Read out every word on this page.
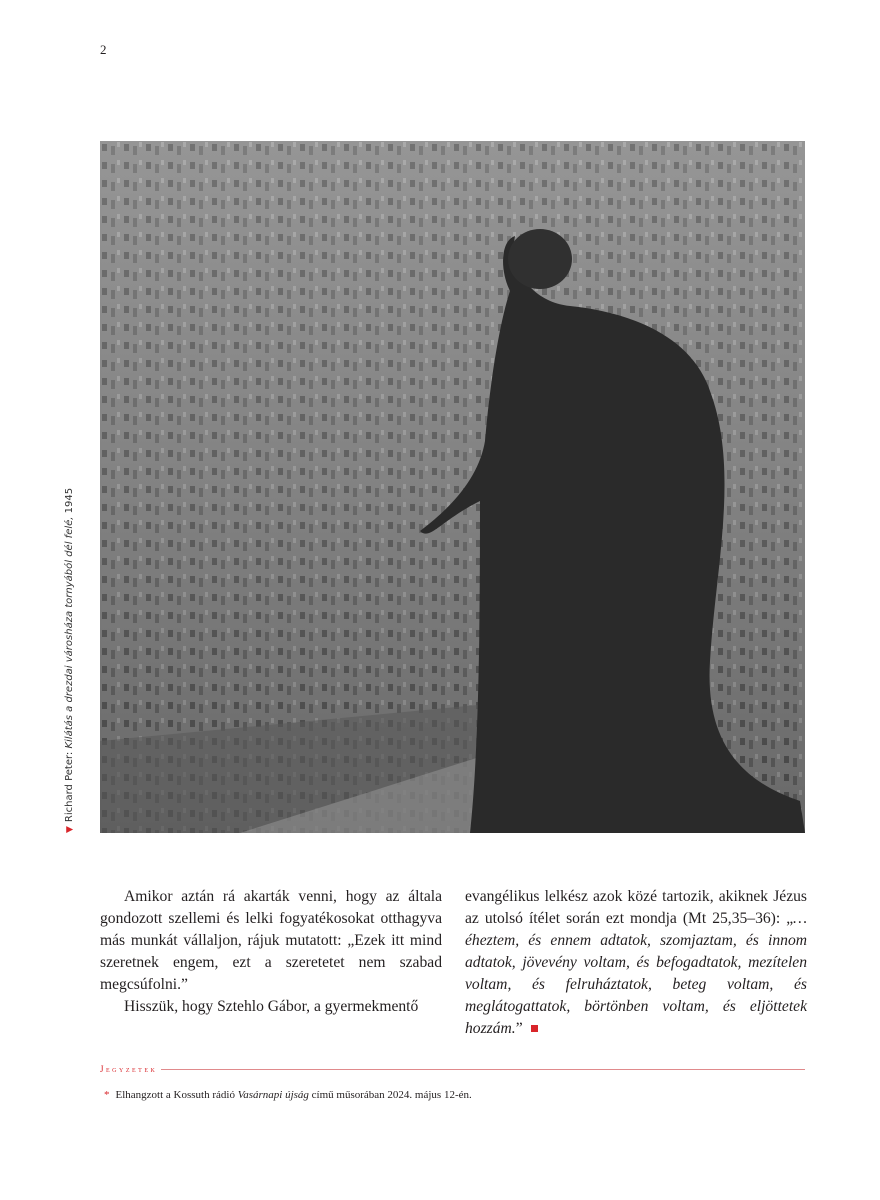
2
▼Richard Peter: Kilátás a drezdai városháza tornyából dél felé, 1945

Amikor aztán rá akarták venni, hogy az általa gondozott szellemi és lelki fogyatékosokat otthagyva más munkát vállaljon, rájuk mutatott: „Ezek itt mind szeretnek engem, ezt a szeretetet nem szabad megcsúfolni.”

Hisszük, hogy Sztehlo Gábor, a gyermekmentő

evangélikus lelkész azok közé tartozik, akiknek Jézus az utolsó ítélet során ezt mondja (Mt 25,35–36): „…éheztem, és ennem adtatok, szomjaztam, és innom adtatok, jövevény voltam, és befogadtatok, mezítelen voltam, és felruháztatok, beteg voltam, és meglátogattatok, börtönben voltam, és eljöttetek hozzám.”

Jegyzetek
* Elhangzott a Kossuth rádió Vasárnapi újság című műsorában 2024. május 12-én.
